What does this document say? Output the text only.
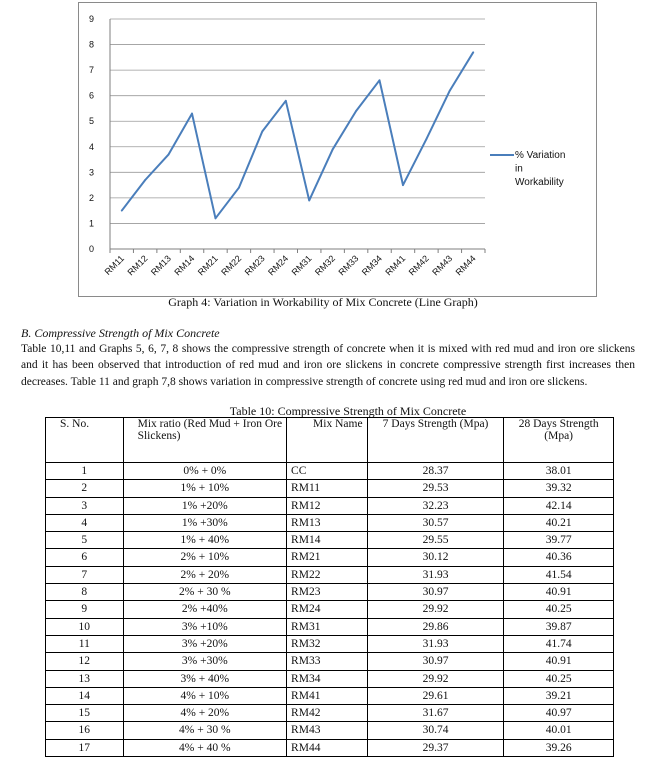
0
1
2
3
4
5
6
7
8
9
RM11 RM12 RM13 RM14 RM21 RM22 RM23 RM24 RM31 RM32 RM33 RM34 RM41 RM42 RM43 RM44
% Variation
in
Workability
Graph 4: Variation in Workability of Mix Concrete (Line Graph)
B. Compressive Strength of Mix Concrete
Table 10,11 and Graphs 5, 6, 7, 8 shows the compressive strength of concrete when it is mixed with red mud and iron ore slickens and it has been observed that introduction of red mud and iron ore slickens in concrete compressive strength first increases then decreases. Table 11 and graph 7,8 shows variation in compressive strength of concrete using red mud and iron ore slickens.
Table 10: Compressive Strength of Mix Concrete
S. No.	Mix ratio (Red Mud + Iron Ore Slickens)	Mix Name	7 Days Strength (Mpa)	28 Days Strength (Mpa)
1	0% + 0%	CC	28.37	38.01
2	1% + 10%	RM11	29.53	39.32
3	1% +20%	RM12	32.23	42.14
4	1% +30%	RM13	30.57	40.21
5	1% + 40%	RM14	29.55	39.77
6	2% + 10%	RM21	30.12	40.36
7	2% + 20%	RM22	31.93	41.54
8	2% + 30 %	RM23	30.97	40.91
9	2% +40%	RM24	29.92	40.25
10	3% +10%	RM31	29.86	39.87
11	3% +20%	RM32	31.93	41.74
12	3% +30%	RM33	30.97	40.91
13	3% + 40%	RM34	29.92	40.25
14	4% + 10%	RM41	29.61	39.21
15	4% + 20%	RM42	31.67	40.97
16	4% + 30 %	RM43	30.74	40.01
17	4% + 40 %	RM44	29.37	39.26
